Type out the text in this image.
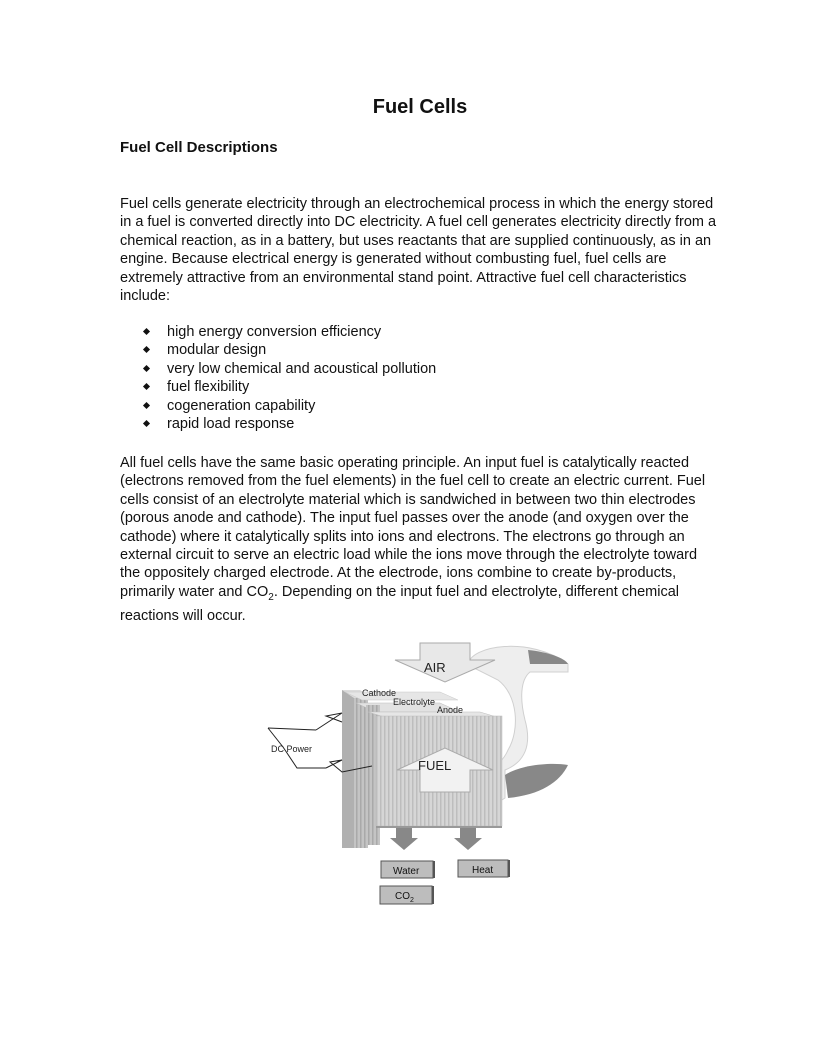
Fuel Cells
Fuel Cell Descriptions

Fuel cells generate electricity through an electrochemical process in which the energy stored in a fuel is converted directly into DC electricity. A fuel cell generates electricity directly from a chemical reaction, as in a battery, but uses reactants that are supplied continuously, as in an engine. Because electrical energy is generated without combusting fuel, fuel cells are extremely attractive from an environmental stand point. Attractive fuel cell characteristics include:

high energy conversion efficiency
modular design
very low chemical and acoustical pollution
fuel flexibility
cogeneration capability
rapid load response

All fuel cells have the same basic operating principle. An input fuel is catalytically reacted (electrons removed from the fuel elements) in the fuel cell to create an electric current. Fuel cells consist of an electrolyte material which is sandwiched in between two thin electrodes (porous anode and cathode). The input fuel passes over the anode (and oxygen over the cathode) where it catalytically splits into ions and electrons. The electrons go through an external circuit to serve an electric load while the ions move through the electrolyte toward the oppositely charged electrode. At the electrode, ions combine to create by-products, primarily water and $CO_2$. Depending on the input fuel and electrolyte, different chemical reactions will occur.

AIR
Cathode
Electrolyte
Anode
FUEL
DC Power
Water	Heat
$CO_2$
